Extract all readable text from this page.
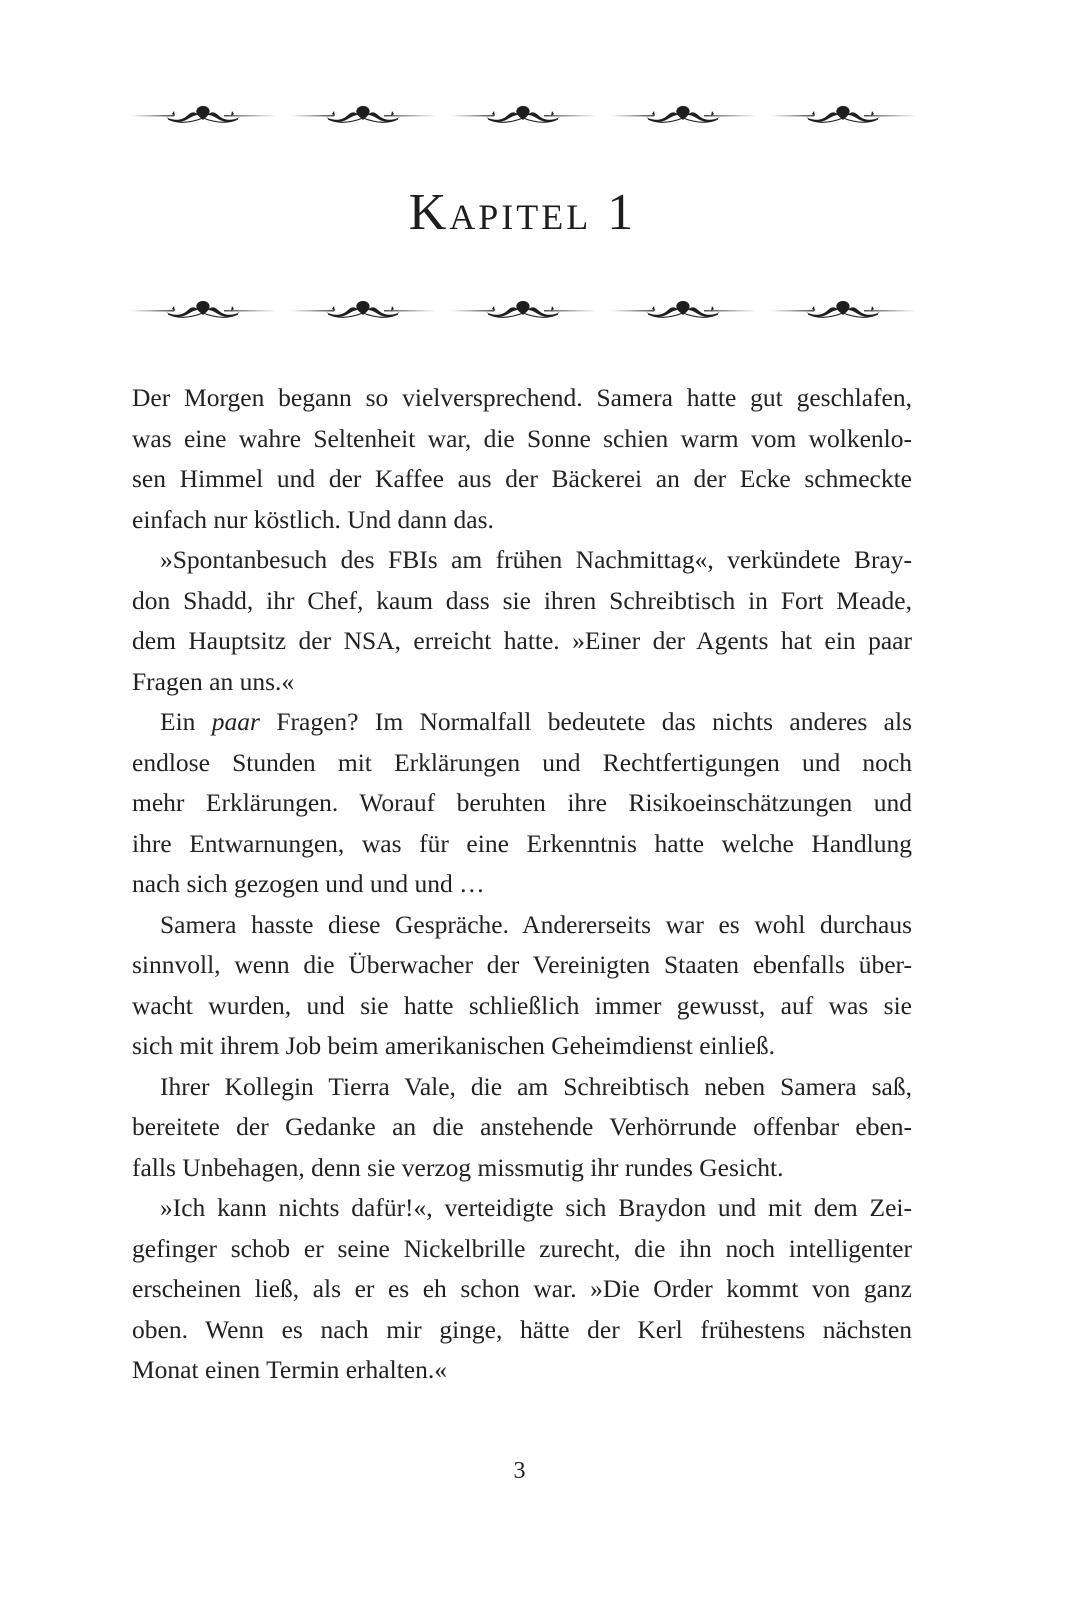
Kapitel 1

Der Morgen begann so vielversprechend. Samera hatte gut geschlafen,
was eine wahre Seltenheit war, die Sonne schien warm vom wolkenlo-
sen Himmel und der Kaffee aus der Bäckerei an der Ecke schmeckte
einfach nur köstlich. Und dann das.

»Spontanbesuch des FBIs am frühen Nachmittag«, verkündete Bray-
don Shadd, ihr Chef, kaum dass sie ihren Schreibtisch in Fort Meade,
dem Hauptsitz der NSA, erreicht hatte. »Einer der Agents hat ein paar
Fragen an uns.«

Ein paar Fragen? Im Normalfall bedeutete das nichts anderes als
endlose Stunden mit Erklärungen und Rechtfertigungen und noch
mehr Erklärungen. Worauf beruhten ihre Risikoeinschätzungen und
ihre Entwarnungen, was für eine Erkenntnis hatte welche Handlung
nach sich gezogen und und und …

Samera hasste diese Gespräche. Andererseits war es wohl durchaus
sinnvoll, wenn die Überwacher der Vereinigten Staaten ebenfalls über-
wacht wurden, und sie hatte schließlich immer gewusst, auf was sie
sich mit ihrem Job beim amerikanischen Geheimdienst einließ.

Ihrer Kollegin Tierra Vale, die am Schreibtisch neben Samera saß,
bereitete der Gedanke an die anstehende Verhörrunde offenbar eben-
falls Unbehagen, denn sie verzog missmutig ihr rundes Gesicht.

»Ich kann nichts dafür!«, verteidigte sich Braydon und mit dem Zei-
gefinger schob er seine Nickelbrille zurecht, die ihn noch intelligenter
erscheinen ließ, als er es eh schon war. »Die Order kommt von ganz
oben. Wenn es nach mir ginge, hätte der Kerl frühestens nächsten
Monat einen Termin erhalten.«

3
